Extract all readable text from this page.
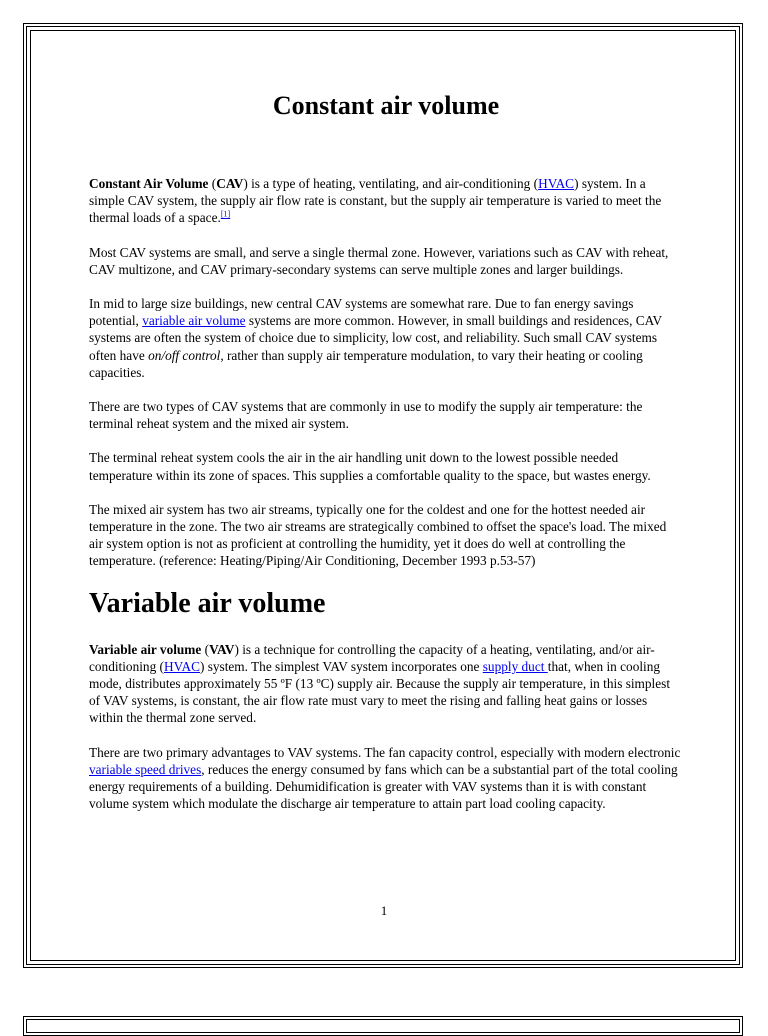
Constant air volume

Constant Air Volume (CAV) is a type of heating, ventilating, and air-conditioning (HVAC) system. In a simple CAV system, the supply air flow rate is constant, but the supply air temperature is varied to meet the thermal loads of a space.[1]

Most CAV systems are small, and serve a single thermal zone. However, variations such as CAV with reheat, CAV multizone, and CAV primary-secondary systems can serve multiple zones and larger buildings.

In mid to large size buildings, new central CAV systems are somewhat rare. Due to fan energy savings potential, variable air volume systems are more common. However, in small buildings and residences, CAV systems are often the system of choice due to simplicity, low cost, and reliability. Such small CAV systems often have on/off control, rather than supply air temperature modulation, to vary their heating or cooling capacities.

There are two types of CAV systems that are commonly in use to modify the supply air temperature: the terminal reheat system and the mixed air system.

The terminal reheat system cools the air in the air handling unit down to the lowest possible needed temperature within its zone of spaces. This supplies a comfortable quality to the space, but wastes energy.

The mixed air system has two air streams, typically one for the coldest and one for the hottest needed air temperature in the zone. The two air streams are strategically combined to offset the space's load. The mixed air system option is not as proficient at controlling the humidity, yet it does do well at controlling the temperature. (reference: Heating/Piping/Air Conditioning, December 1993 p.53-57)

Variable air volume

Variable air volume (VAV) is a technique for controlling the capacity of a heating, ventilating, and/or air-conditioning (HVAC) system. The simplest VAV system incorporates one supply duct that, when in cooling mode, distributes approximately 55 ºF (13 ºC) supply air. Because the supply air temperature, in this simplest of VAV systems, is constant, the air flow rate must vary to meet the rising and falling heat gains or losses within the thermal zone served.

There are two primary advantages to VAV systems. The fan capacity control, especially with modern electronic variable speed drives, reduces the energy consumed by fans which can be a substantial part of the total cooling energy requirements of a building. Dehumidification is greater with VAV systems than it is with constant volume system which modulate the discharge air temperature to attain part load cooling capacity.

1
